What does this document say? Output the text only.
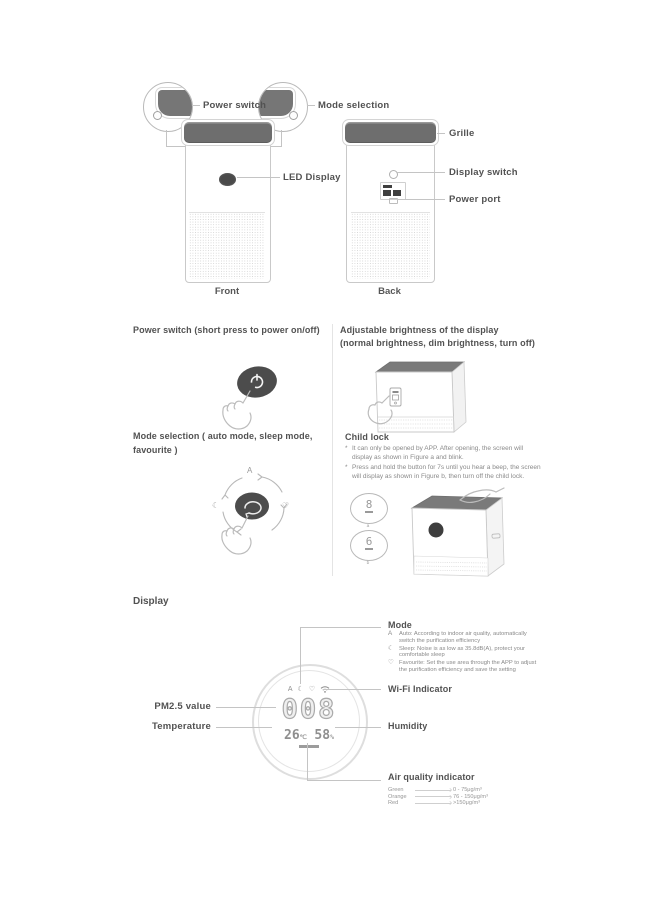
Power switch	Mode selection
Front
LED Display
Back
Grille
Display switch
Power port
Power switch (short press to power on/off)
Mode selection ( auto mode, sleep mode,
favourite )
A
☾	♡
Adjustable brightness of the display
(normal brightness, dim brightness, turn off)
Child lock
* It can only be opened by APP. After opening, the screen will display as shown in Figure a and blink.
* Press and hold the button for 7s until you hear a beep, the screen will display as shown in Figure b, then turn off the child lock.
8
a
6
b
Display
A ☾ ♡
008
26℃ 58%
Mode
A	Auto: According to indoor air quality, automatically switch the purification efficiency
☾ Sleep: Noise is as low as 35.8dB(A), protect your comfortable sleep
♡ Favourite: Set the use area through the APP to adjust the purification efficiency and save the setting
Wi-Fi Indicator
PM2.5 value
Temperature	Humidity
Air quality indicator
Green	0 - 75μg/m³
Orange	76 - 150μg/m³
Red	>150μg/m³
